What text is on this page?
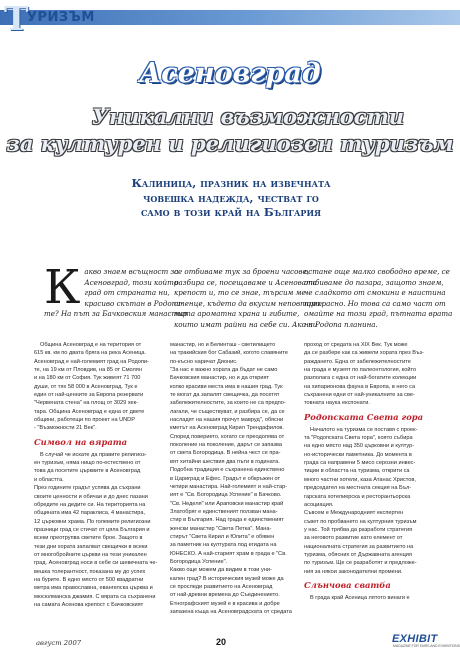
T
УРИЗЪМ
Асеновград
Уникални възможности
за културен и религиозен туризъм
Калиница, празник на извечната
човешка надежда, честват го
само в този край на България
К акво знаем всъщност за
Асеновград, този който
град от страната ни,
красиво скътан в Родопи-
те? На път за Бачковския манастир
се отбиваме тук за броени часове,
разбира се, посещаваме и Асеновата
крепост и, то се знае, търсим ме-
стенце, където да вкусим неповтори-
мата ароматна храна и гибите,
които имат райни на себе си. Ако ни
остане още малко свободно време, се
отбиваме до пазара, защото знаем,
че сладкото от смокини е наистина
прекрасно. Но това са само част от
омайте на този град, пътната врата
на Родопа планина.
Община Асеновград е на територия от
615 кв. км по двата бряга на река Асеница.
Асеновград е най-големият град на Родопи-
те, на 19 км от Пловдив, на 85 от Смолян
и на 180 км от София. Тук живеят 71 700
души, от тях 58 000 в Асеновград. Тук е
един от най-ценните за Европа резервати
"Червената стена" на площ от 3029 хек-
тара. Община Асеновград е една от двете
общини, работещи по проект на UNDP
- "Възможности 21 Век".
Символ на вярата
В случай че искате да правите религиоз-
ен туризъм, няма нищо по-естествено от
това да посетите църквите в Асеновград
и областта.
През годините градът успява да съхрани
своите ценности и обичаи и до днес пазани
обредите на дедите си. На територията на
общината има 42 параклиса, 4 манастира,
12 църковни храма. По големите религиозни
празници град се стичат от цяла България и
всеки преотрупва светите брое. Защото в
тези дни хората запалват свещички в всеки
от многобройните църкви на тези уникален
град. Асеновград носи в себе си шевечната че-
вешка толерантност, показана му до успех
на бурите. В едно място от 500 квадратни
метра има православна, евангелска църква и
мюсюлманска джамия. С вярата са съхранени
на самата Асенова крепост с Бачковският
манастир, но и Белинташ - светилището
на тракийския бог Сабазий, когото славяните
по-късно наричат Дионис.
"За нас е важно хората да бъдат не само
Бачковския манастир, но и да открият
колко красиви места има в нашия град. Тук
те могат да запалят свещичка, да посетят
забележителностите, за които не са предпо-
лагали, че съществуват, и разбира се, да се
насладят на нашия прочут мавруд", обясни
кметът на Асеновград Кирил Трендафилов.
Според поверието, когато се преодолява от
поколение на поколение, дарът се запазва
от света Богородица. В нейна чест се пра-
вят хитайни шествия два пъти в годината.
Подобна традиция е съхранена единствено
в Цариград и Ефес. Градът е обкръжен от
четири манастира. Най-големият и най-стар-
ият е "Св. Богородица Успение" в Бачково.
"Св. Неделя" или Араповски манастир край
Златобряг е единственият ползван мана-
стир в България. Над града е единственият
женски манастир "Света Петка". Мана-
стирът "Света Кирил и Юлита" е обявен
за паметник на културата под егидата на
ЮНЕСКО. А най-старият храм в града е "Св.
Богородица Успение".
Какво още можем да видим в този уни-
кален град? В историческия музей може да
се проследи развитието на Асеновград
от най-древни времена до Съединението.
Етнографският музей е в красива и добре
запазена къща на Асеновградската от средата
проход от средата на XIX Век. Тук може
да се разбере как са живели хората през Въз-
раждането. Една от забележителностите
на града е музеят по палеонтология, който
разполага с една от най-богатите колекции
на хипарионова фауна в Европа, в него са
съхранени едни от най-уникалните за све-
товната наука експонати.
Родопската Света гора
Началото на туризма се поставя с проек-
та "Родопската Света гора", която събира
на едно място над 350 църковни и култур-
но-исторически паметника. До момента в
града са направени 5 мисо серозни инвес-
тиции в областта на туризма, открити са
много частни хотели, каза Атанас Христов,
председател на местната секция на Бъл-
гарската хотелиерска и ресторантьорска
асоциация.
Съвсем е Международният експертен
съвет по пробването на културния туризъм
у нас. Той трябва да разработи стратегия
за неговото развитие като елемент от
националната стратегия за развитието на
туризма, обясних от Държавната агенция
по туризъм. Ще се разработят и предложе-
ния за някои законодателни промени.
Слънчова сватба
В града край Асеница лятото винаги е
август 2007	20	EXHIBIT
MAGAZINE FOR FAIRS AND EXHIBITIONS
